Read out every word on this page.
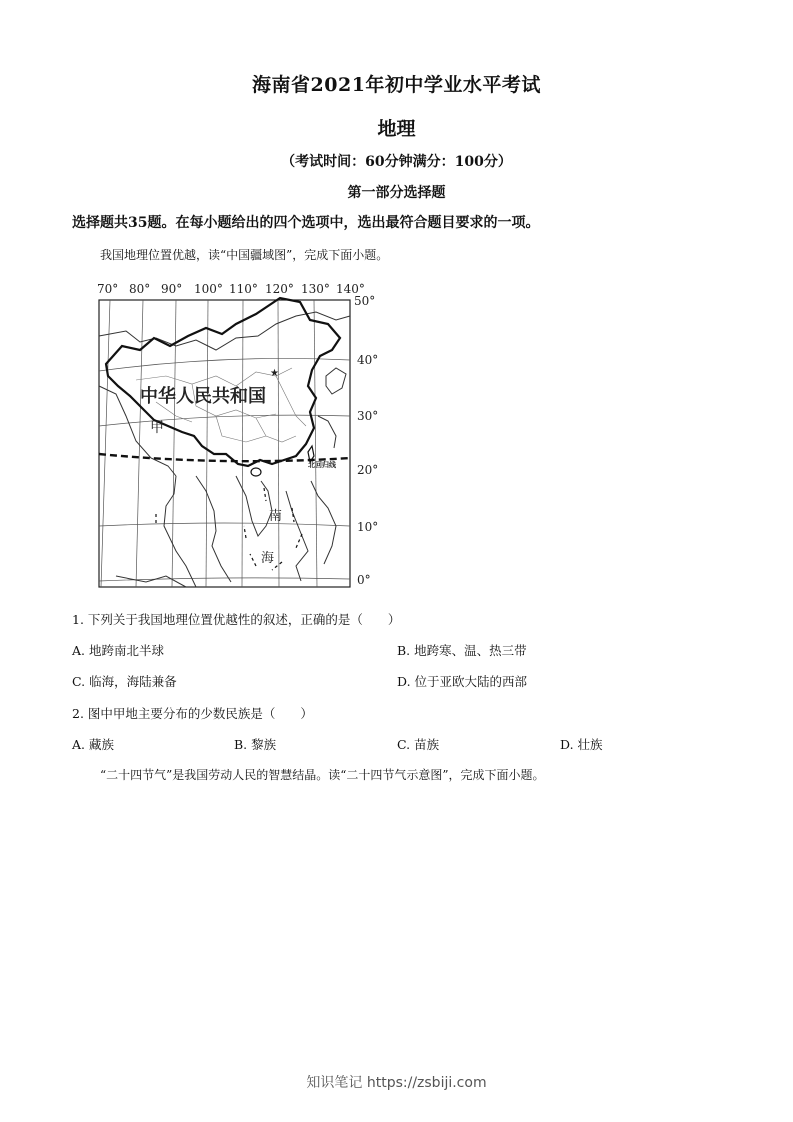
海南省2021年初中学业水平考试
地理
（考试时间：60分钟满分：100分）
第一部分选择题
选择题共35题。在每小题给出的四个选项中，选出最符合题目要求的一项。
我国地理位置优越，读“中国疆域图”，完成下面小题。
70° 80° 90° 100° 110° 120° 130° 140°
50°
40°
30°
20°
10°
0°
北回归线
★
中华人民共和国
甲
南
海
1. 下列关于我国地理位置优越性的叙述，正确的是（　　）
A. 地跨南北半球	B. 地跨寒、温、热三带
C. 临海，海陆兼备	D. 位于亚欧大陆的西部
2. 图中甲地主要分布的少数民族是（　　）
A. 藏族	B. 黎族	C. 苗族	D. 壮族
“二十四节气”是我国劳动人民的智慧结晶。读“二十四节气示意图”，完成下面小题。
知识笔记 https://zsbiji.com
